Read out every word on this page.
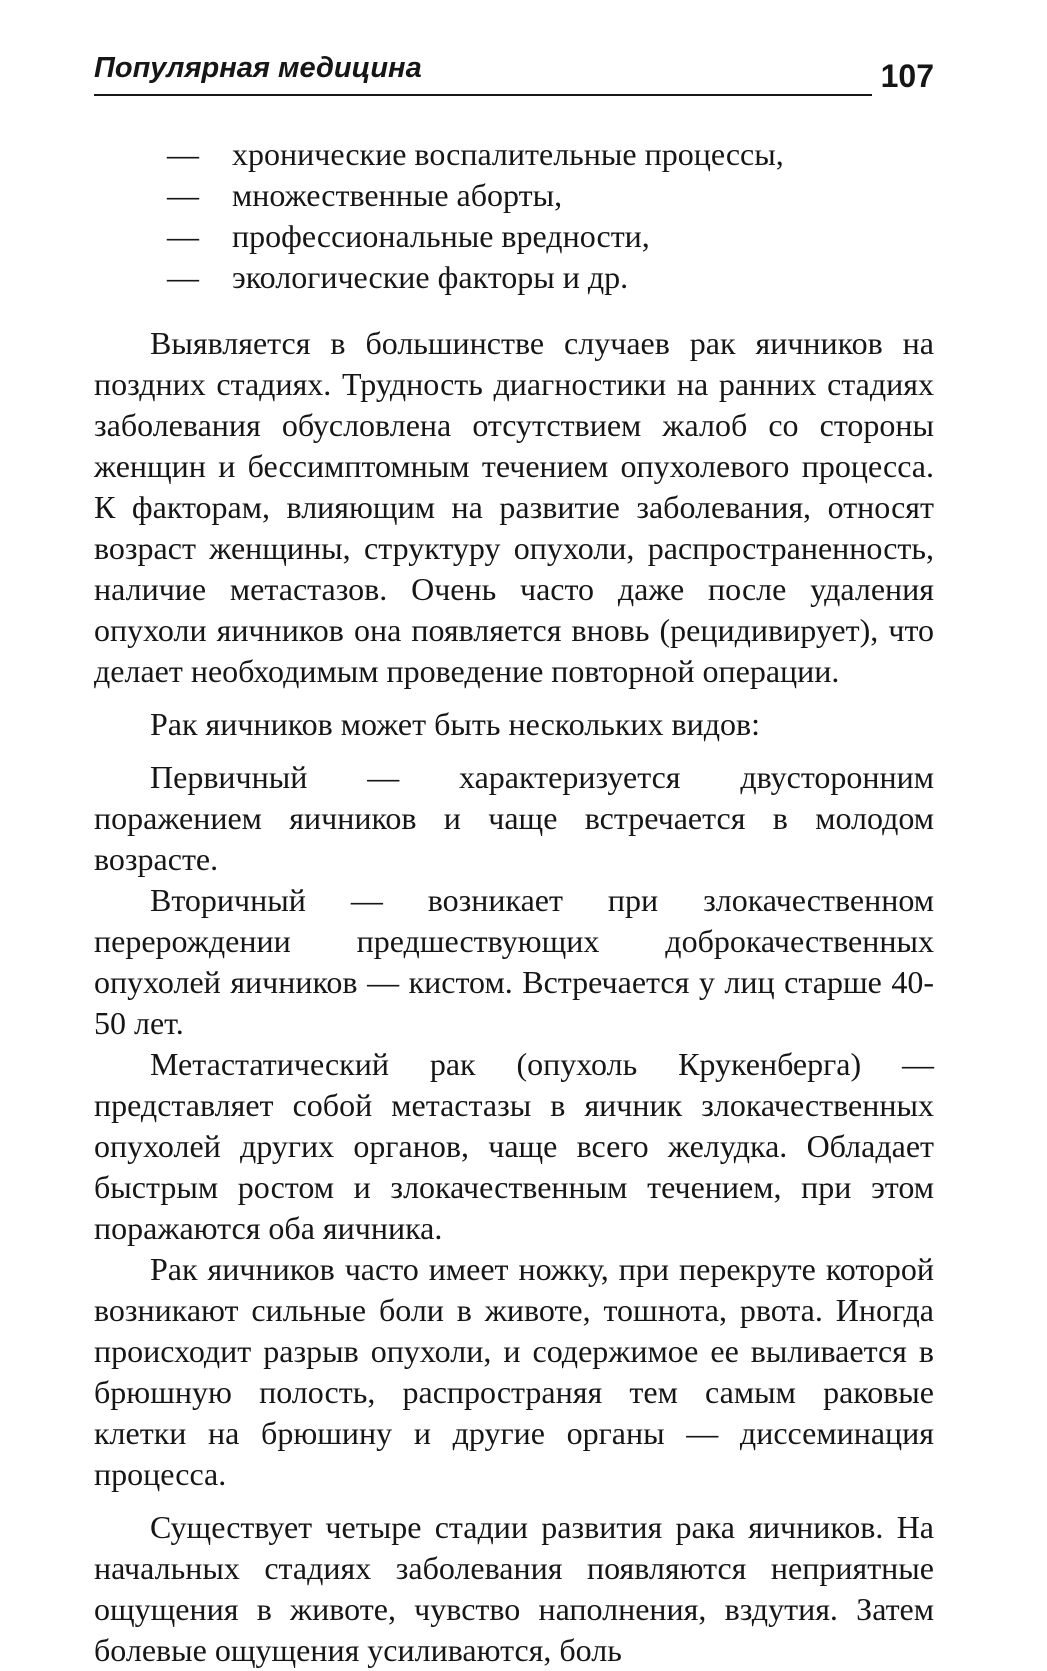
Популярная медицина	107
— хронические воспалительные процессы,
— множественные аборты,
— профессиональные вредности,
— экологические факторы и др.

Выявляется в большинстве случаев рак яичников на поздних стадиях. Трудность диагностики на ранних стадиях заболевания обусловлена отсутствием жалоб со стороны женщин и бессимптомным течением опухолевого процесса. К факторам, влияющим на развитие заболевания, относят возраст женщины, структуру опухоли, распространенность, наличие метастазов. Очень часто даже после удаления опухоли яичников она появляется вновь (рецидивирует), что делает необходимым проведение повторной операции.

Рак яичников может быть нескольких видов:

Первичный — характеризуется двусторонним поражением яичников и чаще встречается в молодом возрасте.

Вторичный — возникает при злокачественном перерождении предшествующих доброкачественных опухолей яичников — кистом. Встречается у лиц старше 40-50 лет.

Метастатический рак (опухоль Крукенберга) — представляет собой метастазы в яичник злокачественных опухолей других органов, чаще всего желудка. Обладает быстрым ростом и злокачественным течением, при этом поражаются оба яичника.

Рак яичников часто имеет ножку, при перекруте которой возникают сильные боли в животе, тошнота, рвота. Иногда происходит разрыв опухоли, и содержимое ее выливается в брюшную полость, распространяя тем самым раковые клетки на брюшину и другие органы — диссеминация процесса.

Существует четыре стадии развития рака яичников. На начальных стадиях заболевания появляются неприятные ощущения в животе, чувство наполнения, вздутия. Затем болевые ощущения усиливаются, боль
